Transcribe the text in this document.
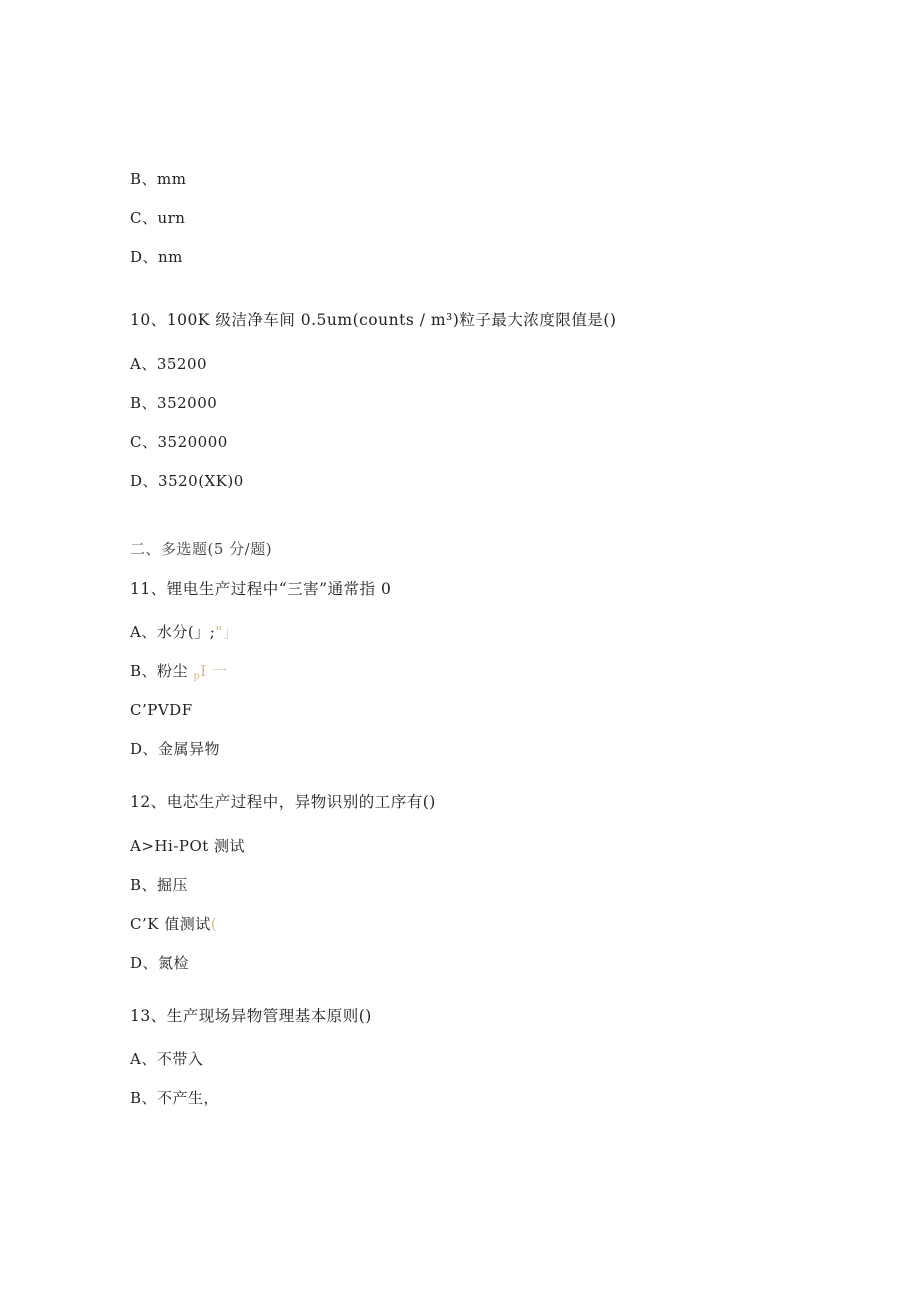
B、mm
C、urn
D、nm
10、100K 级洁净车间 0.5um(counts / m³)粒子最大浓度限值是()
A、35200
B、352000
C、3520000
D、3520(XK)0
二、多选题(5 分/题)
11、锂电生产过程中“三害”通常指 0
A、水分(」;"」
B、粉尘 $_p$I 一
C’PVDF
D、金属异物
12、电芯生产过程中，异物识别的工序有()
A>Hi-POt 测试
B、掘压
C’K 值测试(
D、氮检
13、生产现场异物管理基本原则()
A、不带入
B、不产生，
